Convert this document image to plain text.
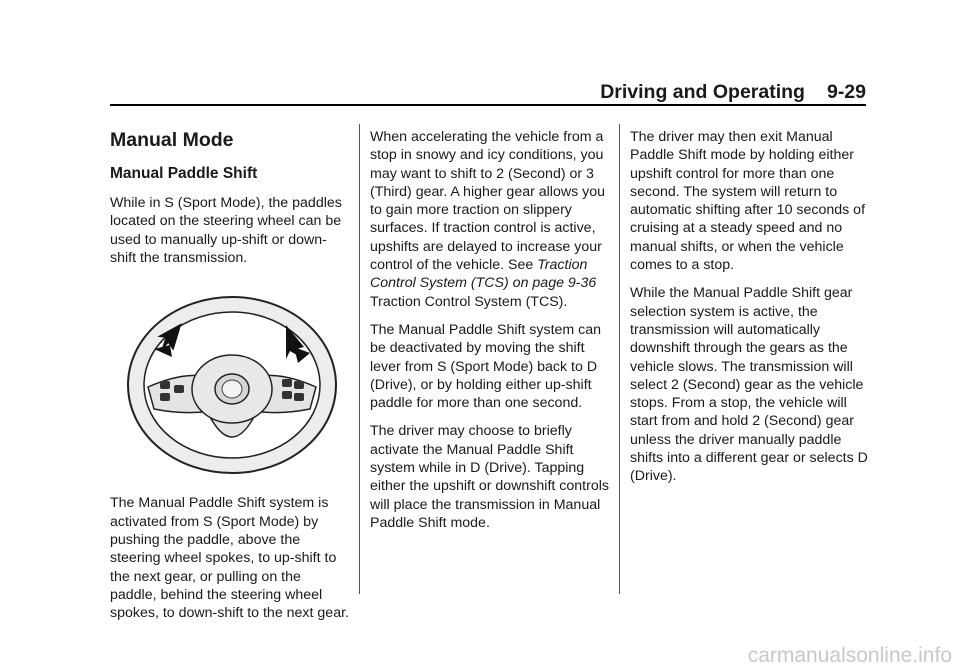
Driving and Operating 9-29
Manual Mode
Manual Paddle Shift

While in S (Sport Mode), the paddles located on the steering wheel can be used to manually up-shift or down-shift the transmission.

The Manual Paddle Shift system is activated from S (Sport Mode) by pushing the paddle, above the steering wheel spokes, to up-shift to the next gear, or pulling on the paddle, behind the steering wheel spokes, to down-shift to the next gear.

When accelerating the vehicle from a stop in snowy and icy conditions, you may want to shift to 2 (Second) or 3 (Third) gear. A higher gear allows you to gain more traction on slippery surfaces. If traction control is active, upshifts are delayed to increase your control of the vehicle. See Traction Control System (TCS) on page 9-36 Traction Control System (TCS).

The Manual Paddle Shift system can be deactivated by moving the shift lever from S (Sport Mode) back to D (Drive), or by holding either up-shift paddle for more than one second.

The driver may choose to briefly activate the Manual Paddle Shift system while in D (Drive). Tapping either the upshift or downshift controls will place the transmission in Manual Paddle Shift mode.

The driver may then exit Manual Paddle Shift mode by holding either upshift control for more than one second. The system will return to automatic shifting after 10 seconds of cruising at a steady speed and no manual shifts, or when the vehicle comes to a stop.

While the Manual Paddle Shift gear selection system is active, the transmission will automatically downshift through the gears as the vehicle slows. The transmission will select 2 (Second) gear as the vehicle stops. From a stop, the vehicle will start from and hold 2 (Second) gear unless the driver manually paddle shifts into a different gear or selects D (Drive).

carmanualsonline.info
